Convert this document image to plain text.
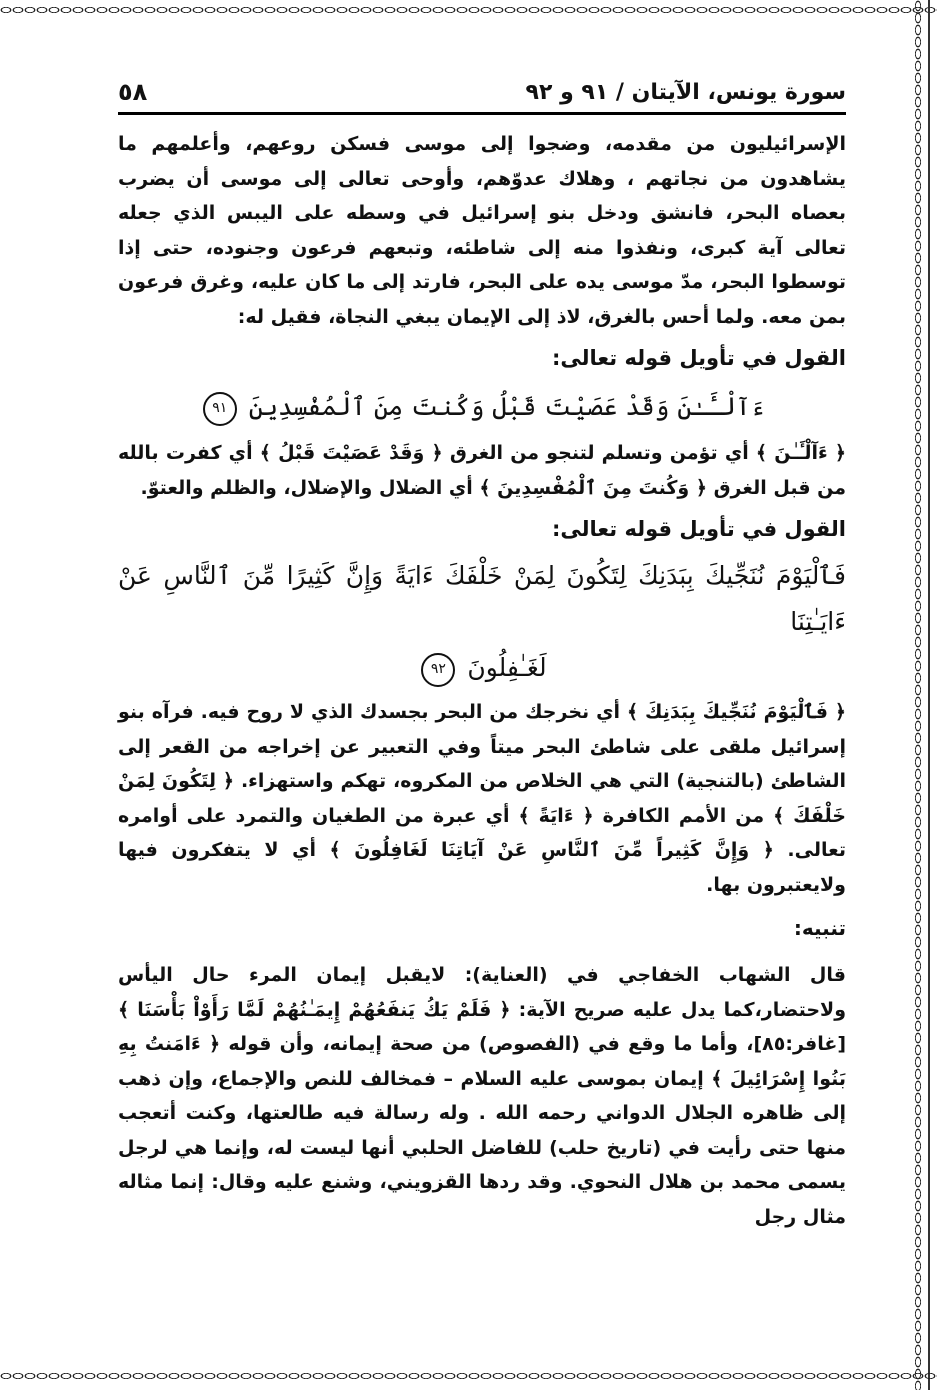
سورة يونس، الآيتان / ٩١ و ٩٢
٥٨

الإسرائيليون من مقدمه، وضجوا إلى موسى فسكن روعهم، وأعلمهم ما يشاهدون من نجاتهم ، وهلاك عدوّهم، وأوحى تعالى إلى موسى أن يضرب بعصاه البحر، فانشق ودخل بنو إسرائيل في وسطه على اليبس الذي جعله تعالى آية كبرى، ونفذوا منه إلى شاطئه، وتبعهم فرعون وجنوده، حتى إذا توسطوا البحر، مدّ موسى يده على البحر، فارتد إلى ما كان عليه، وغرق فرعون بمن معه. ولما أحس بالغرق، لاذ إلى الإيمان يبغي النجاة، فقيل له:

القول في تأويل قوله تعالى:
ءَآلْـَٔـٰنَ وَقَدْ عَصَيْتَ قَبْلُ وَكُنتَ مِنَ ٱلْمُفْسِدِينَ ٩١

﴿ ءَآلْـَٔـٰنَ ﴾ أي تؤمن وتسلم لتنجو من الغرق ﴿ وَقَدْ عَصَيْتَ قَبْلُ ﴾ أي كفرت بالله من قبل الغرق ﴿ وَكُنتَ مِنَ ٱلْمُفْسِدِينَ ﴾ أي الضلال والإضلال، والظلم والعتوّ.

القول في تأويل قوله تعالى:
فَٱلْيَوْمَ نُنَجِّيكَ بِبَدَنِكَ لِتَكُونَ لِمَنْ خَلْفَكَ ءَايَةً وَإِنَّ كَثِيرًا مِّنَ ٱلنَّاسِ عَنْ ءَايَـٰتِنَا
لَغَـٰفِلُونَ ٩٢

﴿ فَٱلْيَوْمَ نُنَجِّيكَ بِبَدَنِكَ ﴾ أي نخرجك من البحر بجسدك الذي لا روح فيه. فرآه بنو إسرائيل ملقى على شاطئ البحر ميتاً وفي التعبير عن إخراجه من القعر إلى الشاطئ (بالتنجية) التي هي الخلاص من المكروه، تهكم واستهزاء. ﴿ لِتَكُونَ لِمَنْ خَلْفَكَ ﴾ من الأمم الكافرة ﴿ ءَايَةً ﴾ أي عبرة من الطغيان والتمرد على أوامره تعالى. ﴿ وَإِنَّ كَثِيراً مِّنَ ٱلنَّاسِ عَنْ آيَاتِنَا لَغَافِلُونَ ﴾ أي لا يتفكرون فيها ولايعتبرون بها.

تنبيه:

قال الشهاب الخفاجي في (العناية): لايقبل إيمان المرء حال اليأس ولاحتضار،كما يدل عليه صريح الآية: ﴿ فَلَمْ يَكُ يَنفَعُهُمْ إِيمَـٰنُهُمْ لَمَّا رَأَوْاْ بَأْسَنَا ﴾ [غافر:٨٥]، وأما ما وقع في (الفصوص) من صحة إيمانه، وأن قوله ﴿ ءَامَنتُ بِهِ بَنُوا إِسْرَائِيلَ ﴾ إيمان بموسى عليه السلام – فمخالف للنص والإجماع، وإن ذهب إلى ظاهره الجلال الدواني رحمه الله . وله رسالة فيه طالعتها، وكنت أتعجب منها حتى رأيت في (تاريخ حلب) للفاضل الحلبي أنها ليست له، وإنما هي لرجل يسمى محمد بن هلال النحوي. وقد ردها القزويني، وشنع عليه وقال: إنما مثاله مثال رجل
